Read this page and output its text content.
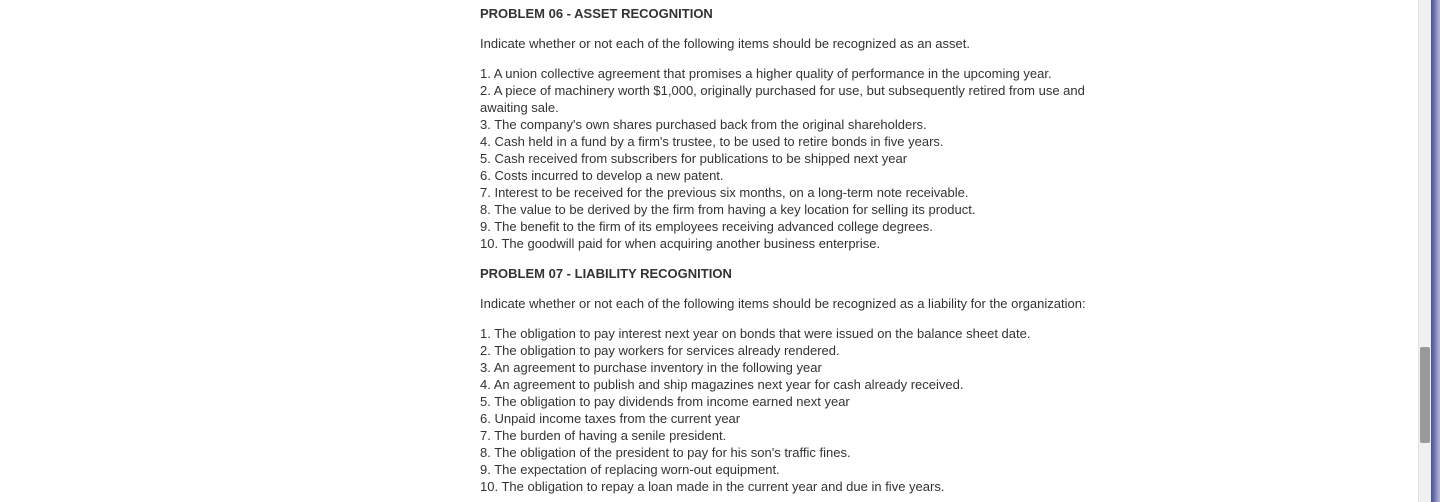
PROBLEM 06 - ASSET RECOGNITION

Indicate whether or not each of the following items should be recognized as an asset.

1. A union collective agreement that promises a higher quality of performance in the upcoming year.
2. A piece of machinery worth $1,000, originally purchased for use, but subsequently retired from use and awaiting sale.
3. The company's own shares purchased back from the original shareholders.
4. Cash held in a fund by a firm's trustee, to be used to retire bonds in five years.
5. Cash received from subscribers for publications to be shipped next year
6. Costs incurred to develop a new patent.
7. Interest to be received for the previous six months, on a long-term note receivable.
8. The value to be derived by the firm from having a key location for selling its product.
9. The benefit to the firm of its employees receiving advanced college degrees.
10. The goodwill paid for when acquiring another business enterprise.
PROBLEM 07 - LIABILITY RECOGNITION

Indicate whether or not each of the following items should be recognized as a liability for the organization:

1. The obligation to pay interest next year on bonds that were issued on the balance sheet date.
2. The obligation to pay workers for services already rendered.
3. An agreement to purchase inventory in the following year
4. An agreement to publish and ship magazines next year for cash already received.
5. The obligation to pay dividends from income earned next year
6. Unpaid income taxes from the current year
7. The burden of having a senile president.
8. The obligation of the president to pay for his son's traffic fines.
9. The expectation of replacing worn-out equipment.
10. The obligation to repay a loan made in the current year and due in five years.
